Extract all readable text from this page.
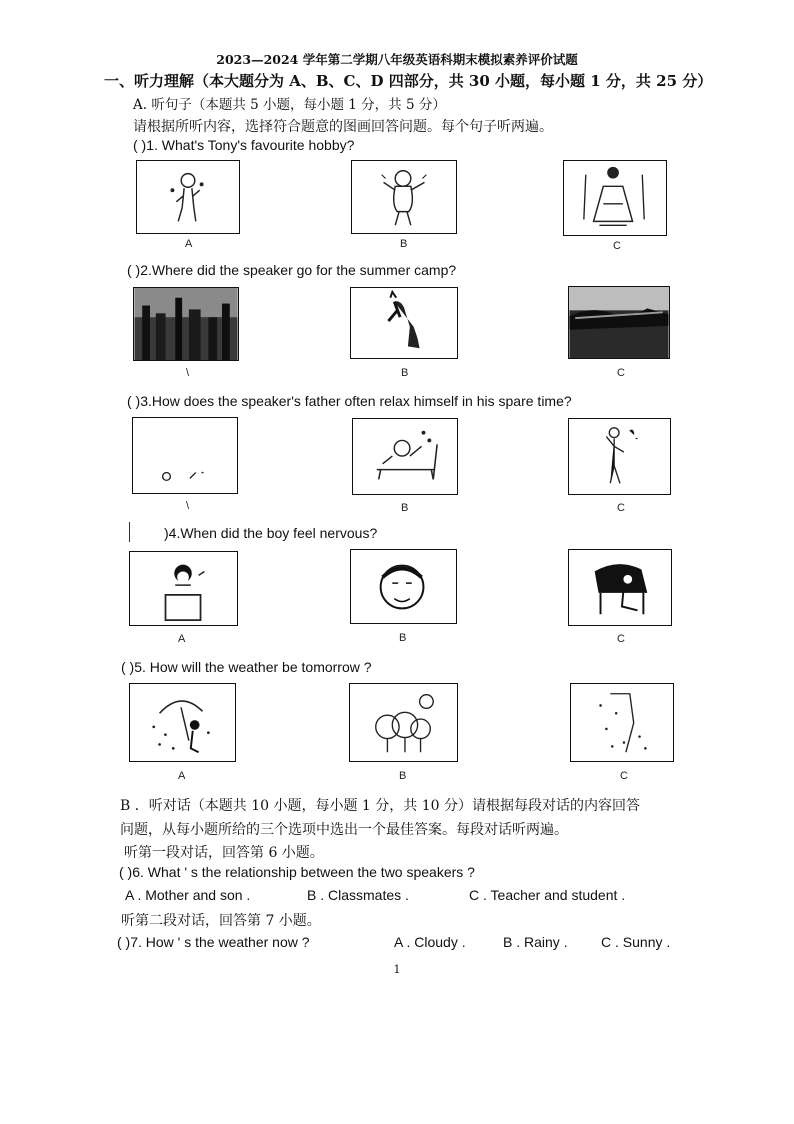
2023—2024 学年第二学期八年级英语科期末模拟素养评价试题
一、听力理解（本大题分为 A、B、C、D 四部分，共 30 小题，每小题 1 分，共 25 分）
A. 听句子（本题共 5 小题，每小题 1 分，共 5 分）
请根据所听内容，选择符合题意的图画回答问题。每个句子听两遍。
( )1. What's Tony's favourite hobby?
A	B	C
( )2.Where did the speaker go for the summer camp?
\	B	C
( )3.How does the speaker's father often relax himself in his spare time?
\	B	C
)4.When did the boy feel nervous?
A	B	C
( )5. How will the weather be tomorrow ?
A	B	C
B ．听对话（本题共 10 小题，每小题 1 分，共 10 分）请根据每段对话的内容回答
问题，从每小题所给的三个选项中选出一个最佳答案。每段对话听两遍。
听第一段对话，回答第 6 小题。
( )6. What ' s the relationship between the two speakers ?
A . Mother and son .	B . Classmates .	C . Teacher and student .
听第二段对话，回答第 7 小题。
( )7. How ' s the weather now ?	A . Cloudy .	B . Rainy . C . Sunny .
1
